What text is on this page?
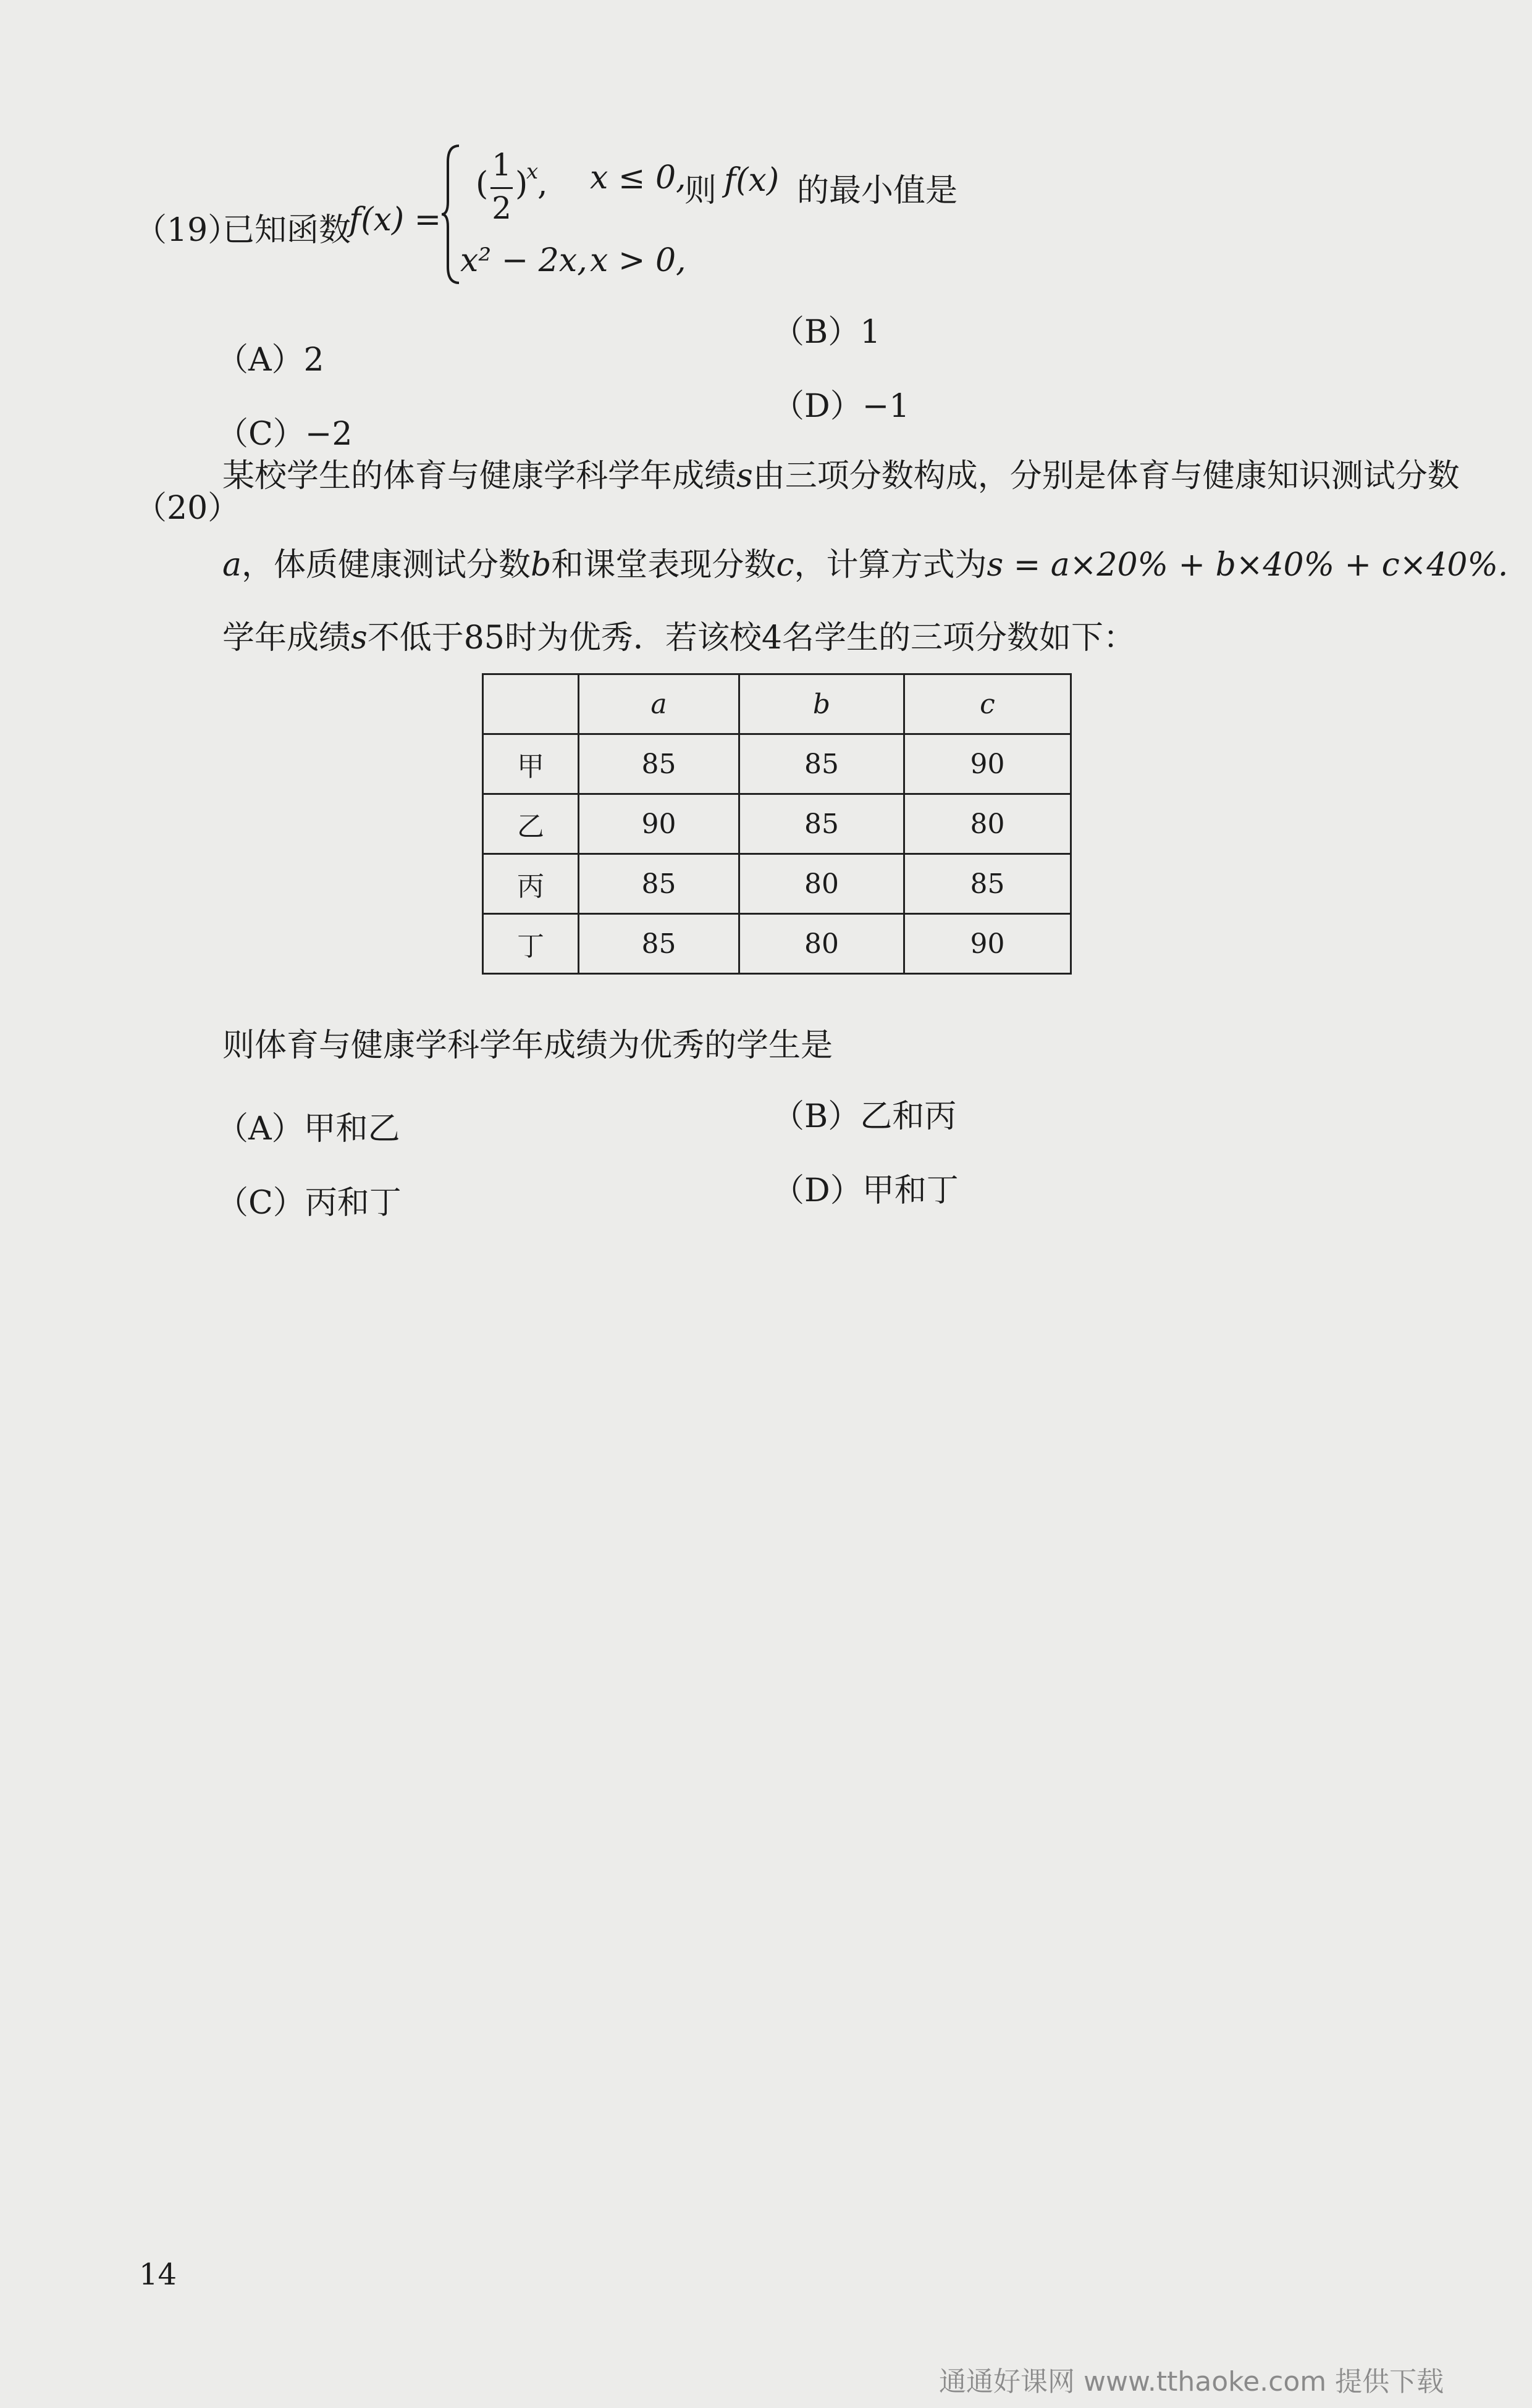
（19）
已知函数
f(x) =
(
1
2
)
x
, x ≤ 0,
x² − 2x, x > 0,
则 f(x) 的最小值是
（A）2
（B）1
（C）−2
（D）−1
（20）
某校学生的体育与健康学科学年成绩s由三项分数构成，分别是体育与健康知识测试分数
a，体质健康测试分数b和课堂表现分数c，计算方式为s = a×20% + b×40% + c×40%.
学年成绩s不低于85时为优秀．若该校4名学生的三项分数如下：
	a	b	c
甲	85	85	90
乙	90	85	80
丙	85	80	85
丁	85	80	90
则体育与健康学科学年成绩为优秀的学生是
（A）甲和乙	（B）乙和丙
（C）丙和丁	（D）甲和丁
14
通通好课网 www.tthaoke.com 提供下载
